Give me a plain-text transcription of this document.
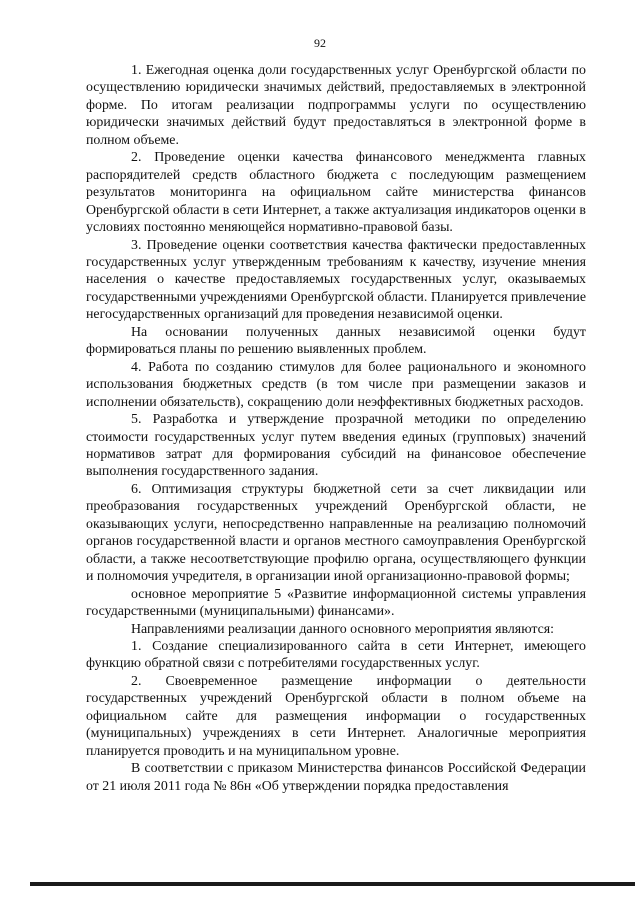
92

1. Ежегодная оценка доли государственных услуг Оренбургской области по осуществлению юридически значимых действий, предоставляемых в электронной форме. По итогам реализации подпрограммы услуги по осуществлению юридически значимых действий будут предоставляться в электронной форме в полном объеме.

2. Проведение оценки качества финансового менеджмента главных распорядителей средств областного бюджета с последующим размещением результатов мониторинга на официальном сайте министерства финансов Оренбургской области в сети Интернет, а также актуализация индикаторов оценки в условиях постоянно меняющейся нормативно-правовой базы.

3. Проведение оценки соответствия качества фактически предоставленных государственных услуг утвержденным требованиям к качеству, изучение мнения населения о качестве предоставляемых государственных услуг, оказываемых государственными учреждениями Оренбургской области. Планируется привлечение негосударственных организаций для проведения независимой оценки.

На основании полученных данных независимой оценки будут формироваться планы по решению выявленных проблем.

4. Работа по созданию стимулов для более рационального и экономного использования бюджетных средств (в том числе при размещении заказов и исполнении обязательств), сокращению доли неэффективных бюджетных расходов.

5. Разработка и утверждение прозрачной методики по определению стоимости государственных услуг путем введения единых (групповых) значений нормативов затрат для формирования субсидий на финансовое обеспечение выполнения государственного задания.

6. Оптимизация структуры бюджетной сети за счет ликвидации или преобразования государственных учреждений Оренбургской области, не оказывающих услуги, непосредственно направленные на реализацию полномочий органов государственной власти и органов местного самоуправления Оренбургской области, а также несоответствующие профилю органа, осуществляющего функции и полномочия учредителя, в организации иной организационно-правовой формы;

основное мероприятие 5 «Развитие информационной системы управления государственными (муниципальными) финансами».

Направлениями реализации данного основного мероприятия являются:

1. Создание специализированного сайта в сети Интернет, имеющего функцию обратной связи с потребителями государственных услуг.

2. Своевременное размещение информации о деятельности государственных учреждений Оренбургской области в полном объеме на официальном сайте для размещения информации о государственных (муниципальных) учреждениях в сети Интернет. Аналогичные мероприятия планируется проводить и на муниципальном уровне.

В соответствии с приказом Министерства финансов Российской Федерации от 21 июля 2011 года № 86н «Об утверждении порядка предоставления
